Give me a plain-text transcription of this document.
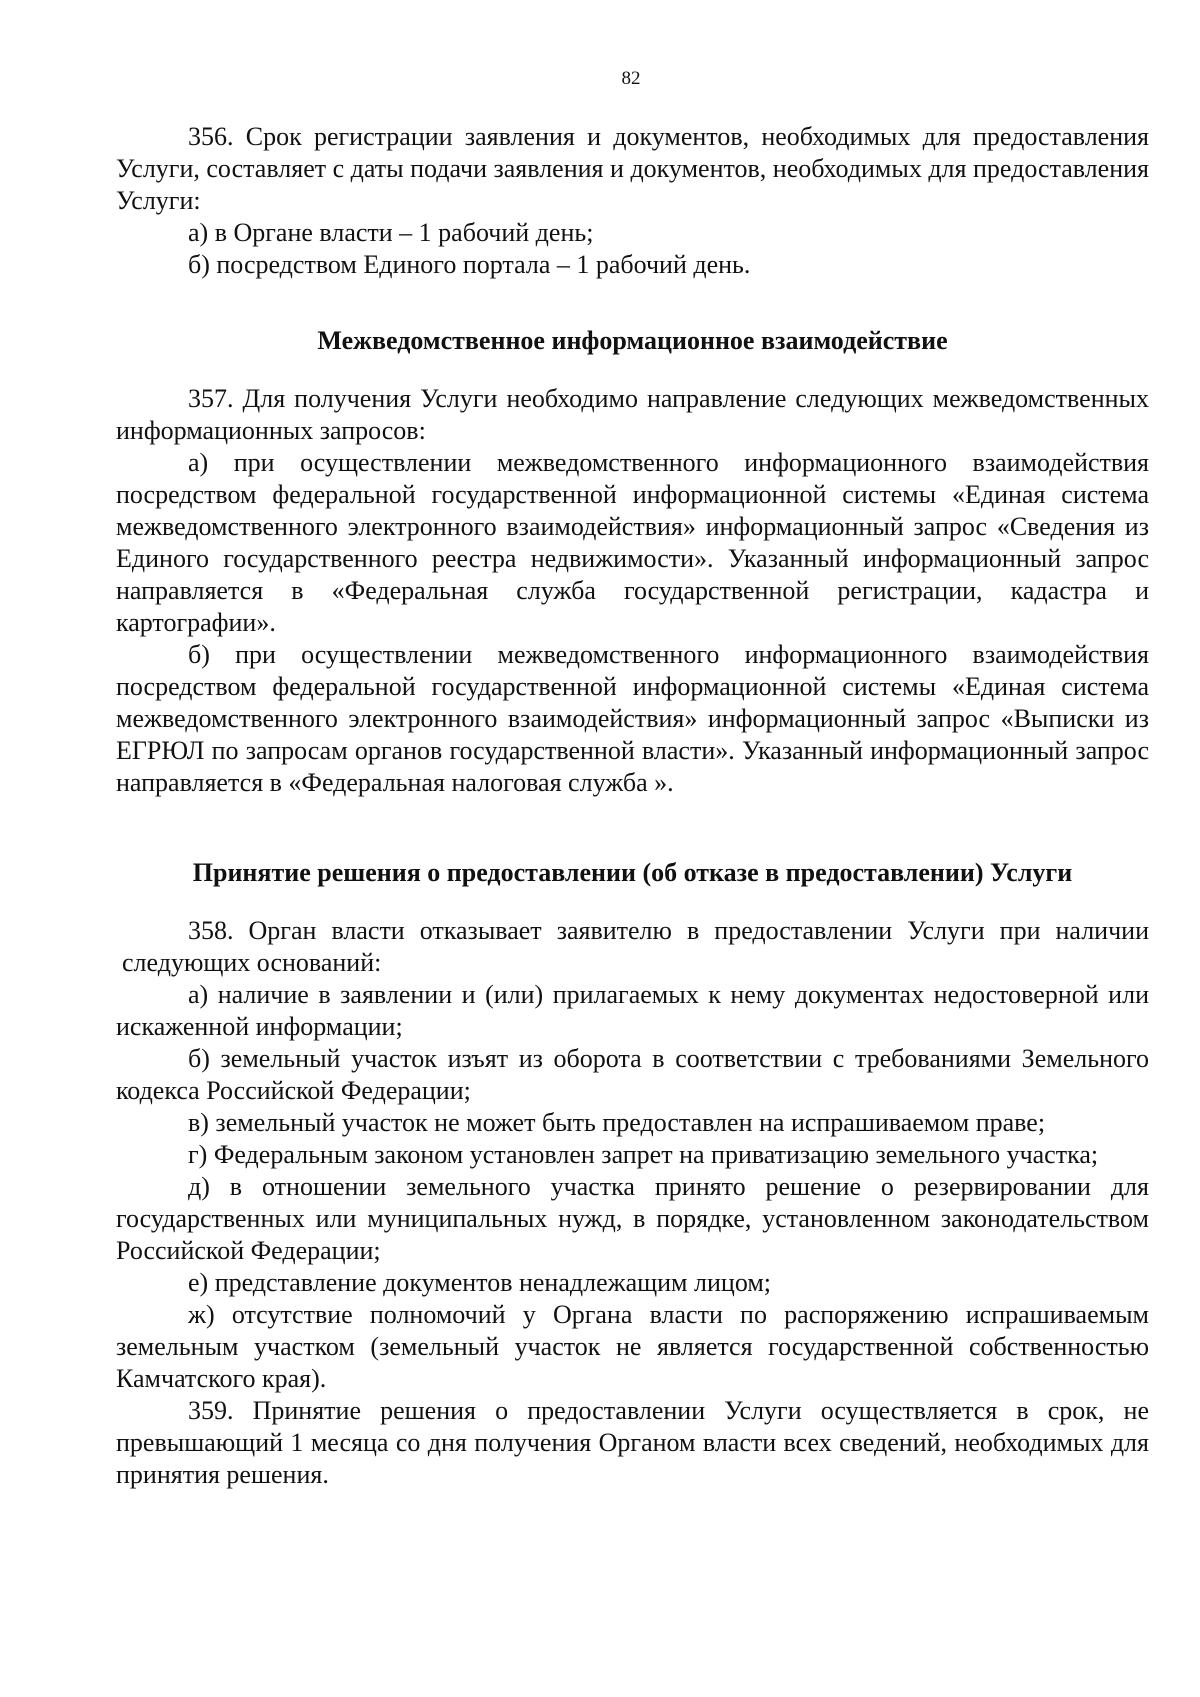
82

356. Срок регистрации заявления и документов, необходимых для предоставления Услуги, составляет с даты подачи заявления и документов, необходимых для предоставления Услуги:

а) в Органе власти – 1 рабочий день;

б) посредством Единого портала – 1 рабочий день.

Межведомственное информационное взаимодействие

357. Для получения Услуги необходимо направление следующих межведомственных информационных запросов:

а) при осуществлении межведомственного информационного взаимодействия посредством федеральной государственной информационной системы «Единая система межведомственного электронного взаимодействия» информационный запрос «Сведения из Единого государственного реестра недвижимости». Указанный информационный запрос направляется в «Федеральная служба государственной регистрации, кадастра и картографии».

б) при осуществлении межведомственного информационного взаимодействия посредством федеральной государственной информационной системы «Единая система межведомственного электронного взаимодействия» информационный запрос «Выписки из ЕГРЮЛ по запросам органов государственной власти». Указанный информационный запрос направляется в «Федеральная налоговая служба ».

Принятие решения о предоставлении (об отказе в предоставлении) Услуги

358. Орган власти отказывает заявителю в предоставлении Услуги при наличии следующих оснований:

а) наличие в заявлении и (или) прилагаемых к нему документах недостоверной или искаженной информации;

б) земельный участок изъят из оборота в соответствии с требованиями Земельного кодекса Российской Федерации;

в) земельный участок не может быть предоставлен на испрашиваемом праве;

г) Федеральным законом установлен запрет на приватизацию земельного участка;

д) в отношении земельного участка принято решение о резервировании для государственных или муниципальных нужд, в порядке, установленном законодательством Российской Федерации;

е) представление документов ненадлежащим лицом;

ж) отсутствие полномочий у Органа власти по распоряжению испрашиваемым земельным участком (земельный участок не является государственной собственностью Камчатского края).

359. Принятие решения о предоставлении Услуги осуществляется в срок, не превышающий 1 месяца со дня получения Органом власти всех сведений, необходимых для принятия решения.
